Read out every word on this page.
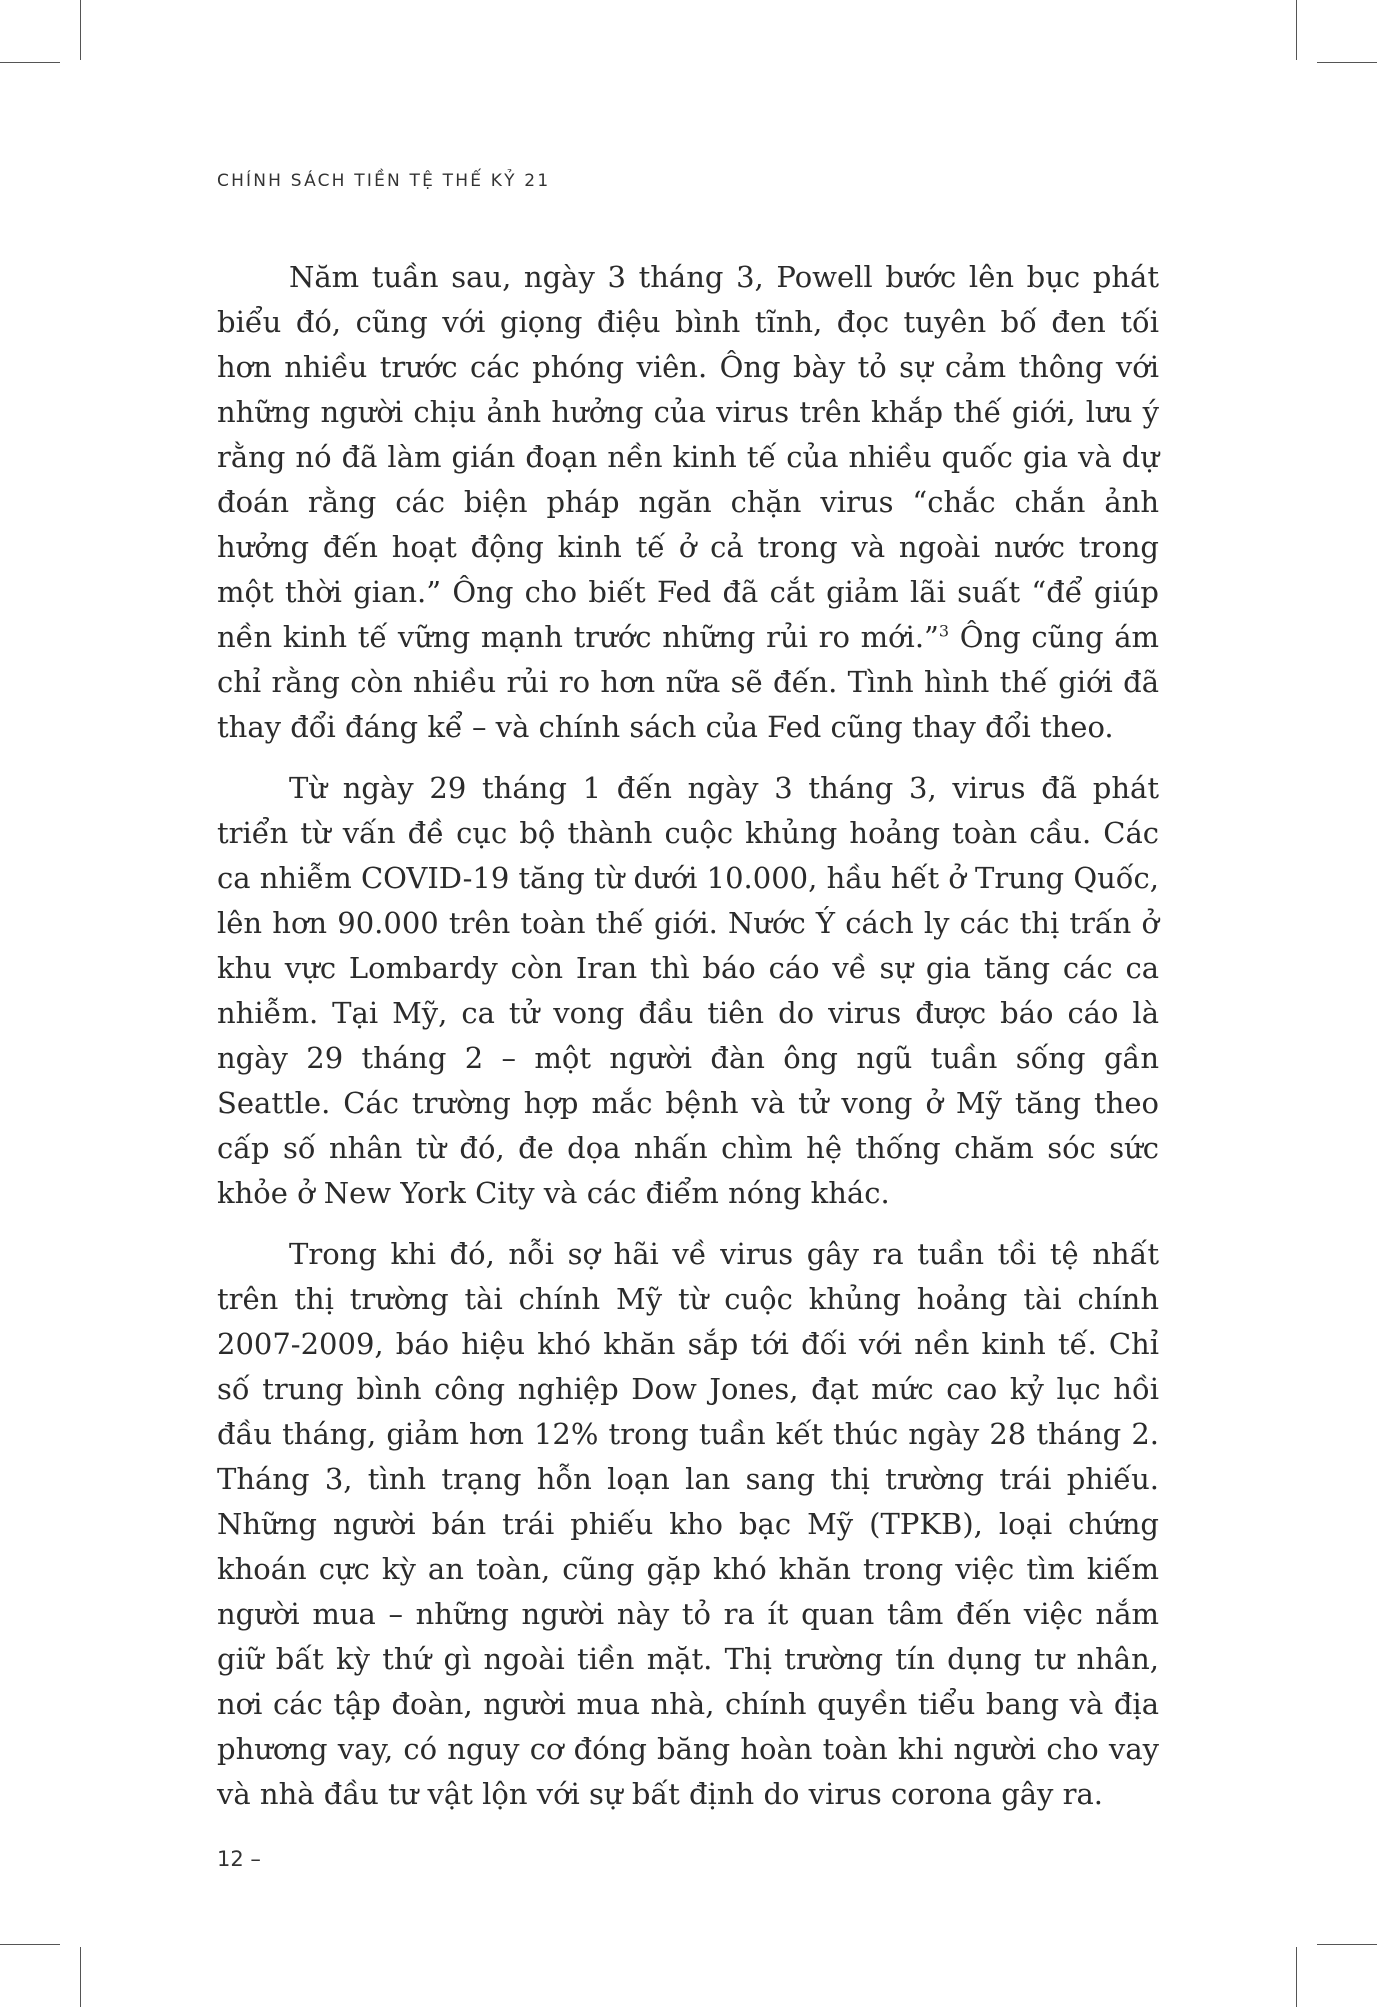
CHÍNH SÁCH TIỀN TỆ THẾ KỶ 21

Năm tuần sau, ngày 3 tháng 3, Powell bước lên bục phát biểu đó, cũng với giọng điệu bình tĩnh, đọc tuyên bố đen tối hơn nhiều trước các phóng viên. Ông bày tỏ sự cảm thông với những người chịu ảnh hưởng của virus trên khắp thế giới, lưu ý rằng nó đã làm gián đoạn nền kinh tế của nhiều quốc gia và dự đoán rằng các biện pháp ngăn chặn virus “chắc chắn ảnh hưởng đến hoạt động kinh tế ở cả trong và ngoài nước trong một thời gian.” Ông cho biết Fed đã cắt giảm lãi suất “để giúp nền kinh tế vững mạnh trước những rủi ro mới.”$^3$ Ông cũng ám chỉ rằng còn nhiều rủi ro hơn nữa sẽ đến. Tình hình thế giới đã thay đổi đáng kể – và chính sách của Fed cũng thay đổi theo.

Từ ngày 29 tháng 1 đến ngày 3 tháng 3, virus đã phát triển từ vấn đề cục bộ thành cuộc khủng hoảng toàn cầu. Các ca nhiễm COVID-19 tăng từ dưới 10.000, hầu hết ở Trung Quốc, lên hơn 90.000 trên toàn thế giới. Nước Ý cách ly các thị trấn ở khu vực Lombardy còn Iran thì báo cáo về sự gia tăng các ca nhiễm. Tại Mỹ, ca tử vong đầu tiên do virus được báo cáo là ngày 29 tháng 2 – một người đàn ông ngũ tuần sống gần Seattle. Các trường hợp mắc bệnh và tử vong ở Mỹ tăng theo cấp số nhân từ đó, đe dọa nhấn chìm hệ thống chăm sóc sức khỏe ở New York City và các điểm nóng khác.

Trong khi đó, nỗi sợ hãi về virus gây ra tuần tồi tệ nhất trên thị trường tài chính Mỹ từ cuộc khủng hoảng tài chính 2007-2009, báo hiệu khó khăn sắp tới đối với nền kinh tế. Chỉ số trung bình công nghiệp Dow Jones, đạt mức cao kỷ lục hồi đầu tháng, giảm hơn 12% trong tuần kết thúc ngày 28 tháng 2. Tháng 3, tình trạng hỗn loạn lan sang thị trường trái phiếu. Những người bán trái phiếu kho bạc Mỹ (TPKB), loại chứng khoán cực kỳ an toàn, cũng gặp khó khăn trong việc tìm kiếm người mua – những người này tỏ ra ít quan tâm đến việc nắm giữ bất kỳ thứ gì ngoài tiền mặt. Thị trường tín dụng tư nhân, nơi các tập đoàn, người mua nhà, chính quyền tiểu bang và địa phương vay, có nguy cơ đóng băng hoàn toàn khi người cho vay và nhà đầu tư vật lộn với sự bất định do virus corona gây ra.

12 –
